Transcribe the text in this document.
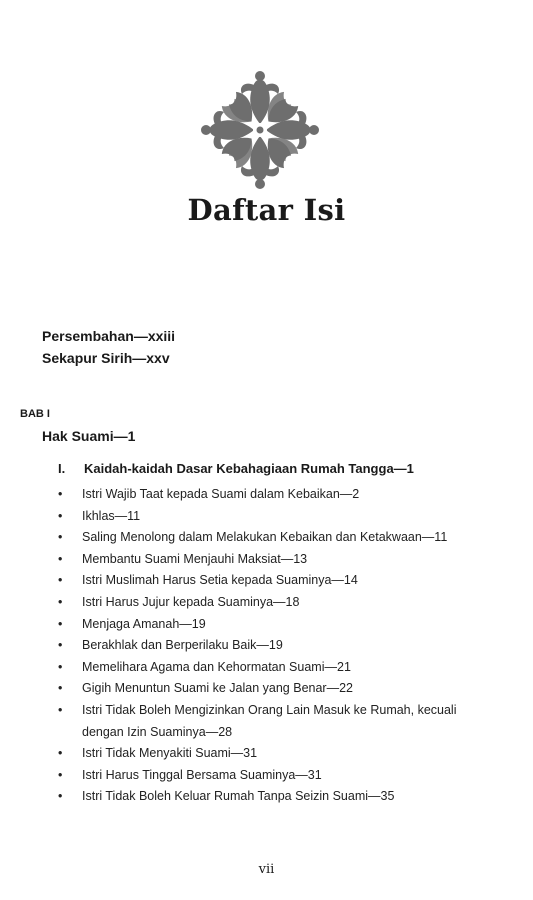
Daftar Isi
Persembahan—xxiii
Sekapur Sirih—xxv
BAB I
Hak Suami—1
I. Kaidah-kaidah Dasar Kebahagiaan Rumah Tangga—1
• Istri Wajib Taat kepada Suami dalam Kebaikan—2
• Ikhlas—11
• Saling Menolong dalam Melakukan Kebaikan dan Ketakwaan—11
• Membantu Suami Menjauhi Maksiat—13
• Istri Muslimah Harus Setia kepada Suaminya—14
• Istri Harus Jujur kepada Suaminya—18
• Menjaga Amanah—19
• Berakhlak dan Berperilaku Baik—19
• Memelihara Agama dan Kehormatan Suami—21
• Gigih Menuntun Suami ke Jalan yang Benar—22
• Istri Tidak Boleh Mengizinkan Orang Lain Masuk ke Rumah, kecuali dengan Izin Suaminya—28
• Istri Tidak Menyakiti Suami—31
• Istri Harus Tinggal Bersama Suaminya—31
• Istri Tidak Boleh Keluar Rumah Tanpa Seizin Suami—35
vii
